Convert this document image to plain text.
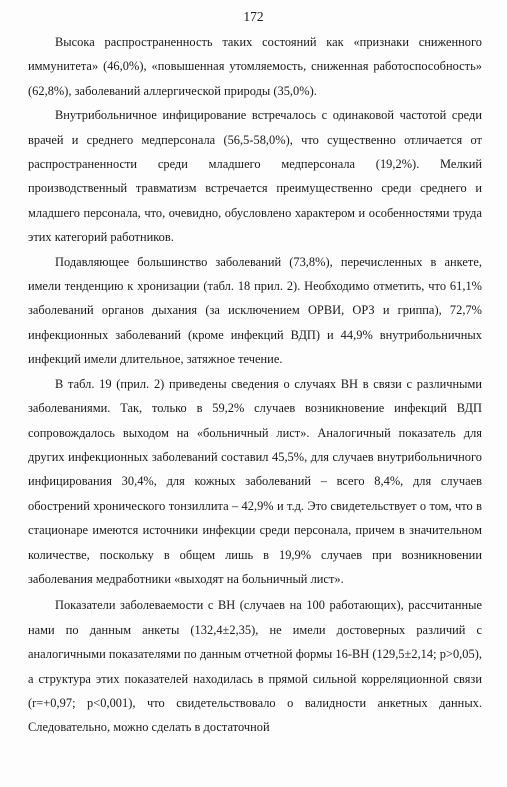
172

Высока распространенность таких состояний как «признаки сниженного иммунитета» (46,0%), «повышенная утомляемость, сниженная работоспособность» (62,8%), заболеваний аллергической природы (35,0%).

Внутрибольничное инфицирование встречалось с одинаковой частотой среди врачей и среднего медперсонала (56,5-58,0%), что существенно отличается от распространенности среди младшего медперсонала (19,2%). Мелкий производственный травматизм встречается преимущественно среди среднего и младшего персонала, что, очевидно, обусловлено характером и особенностями труда этих категорий работников.

Подавляющее большинство заболеваний (73,8%), перечисленных в анкете, имели тенденцию к хронизации (табл. 18 прил. 2). Необходимо отметить, что 61,1% заболеваний органов дыхания (за исключением ОРВИ, ОРЗ и гриппа), 72,7% инфекционных заболеваний (кроме инфекций ВДП) и 44,9% внутрибольничных инфекций имели длительное, затяжное течение.

В табл. 19 (прил. 2) приведены сведения о случаях ВН в связи с различными заболеваниями. Так, только в 59,2% случаев возникновение инфекций ВДП сопровождалось выходом на «больничный лист». Аналогичный показатель для других инфекционных заболеваний составил 45,5%, для случаев внутрибольничного инфицирования 30,4%, для кожных заболеваний – всего 8,4%, для случаев обострений хронического тонзиллита – 42,9% и т.д. Это свидетельствует о том, что в стационаре имеются источники инфекции среди персонала, причем в значительном количестве, поскольку в общем лишь в 19,9% случаев при возникновении заболевания медработники «выходят на больничный лист».

Показатели заболеваемости с ВН (случаев на 100 работающих), рассчитанные нами по данным анкеты (132,4±2,35), не имели достоверных различий с аналогичными показателями по данным отчетной формы 16-ВН (129,5±2,14; p>0,05), а структура этих показателей находилась в прямой сильной корреляционной связи (r=+0,97; p<0,001), что свидетельствовало о валидности анкетных данных. Следовательно, можно сделать в достаточной
